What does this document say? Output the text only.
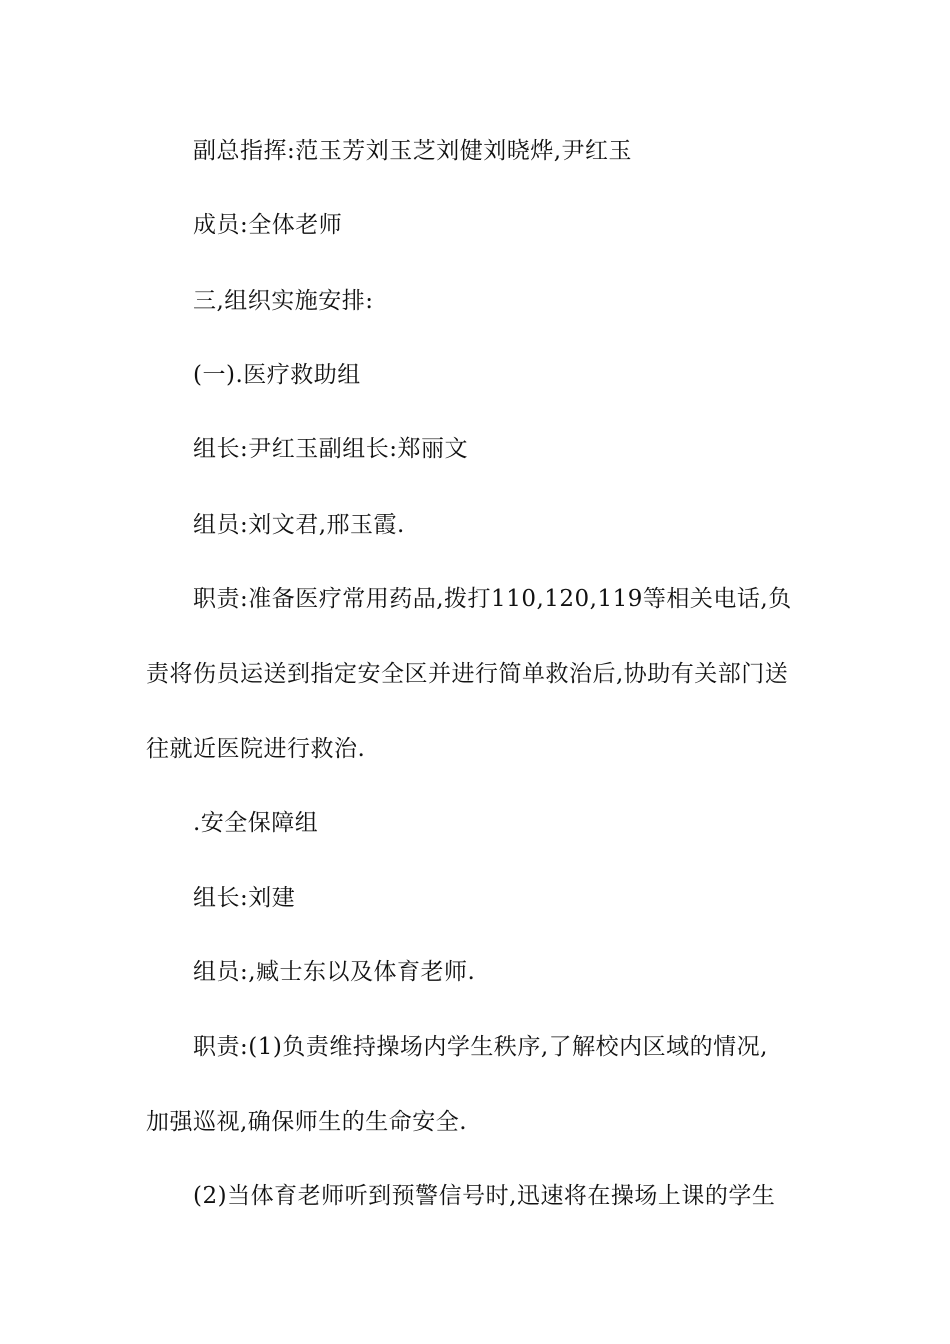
副总指挥:范玉芳刘玉芝刘健刘晓烨,尹红玉
成员:全体老师
三,组织实施安排:
(一).医疗救助组
组长:尹红玉副组长:郑丽文
组员:刘文君,邢玉霞.
职责:准备医疗常用药品,拨打110,120,119等相关电话,负
责将伤员运送到指定安全区并进行简单救治后,协助有关部门送
往就近医院进行救治.
.安全保障组
组长:刘建
组员:,臧士东以及体育老师.
职责:(1)负责维持操场内学生秩序,了解校内区域的情况,
加强巡视,确保师生的生命安全.
(2)当体育老师听到预警信号时,迅速将在操场上课的学生
